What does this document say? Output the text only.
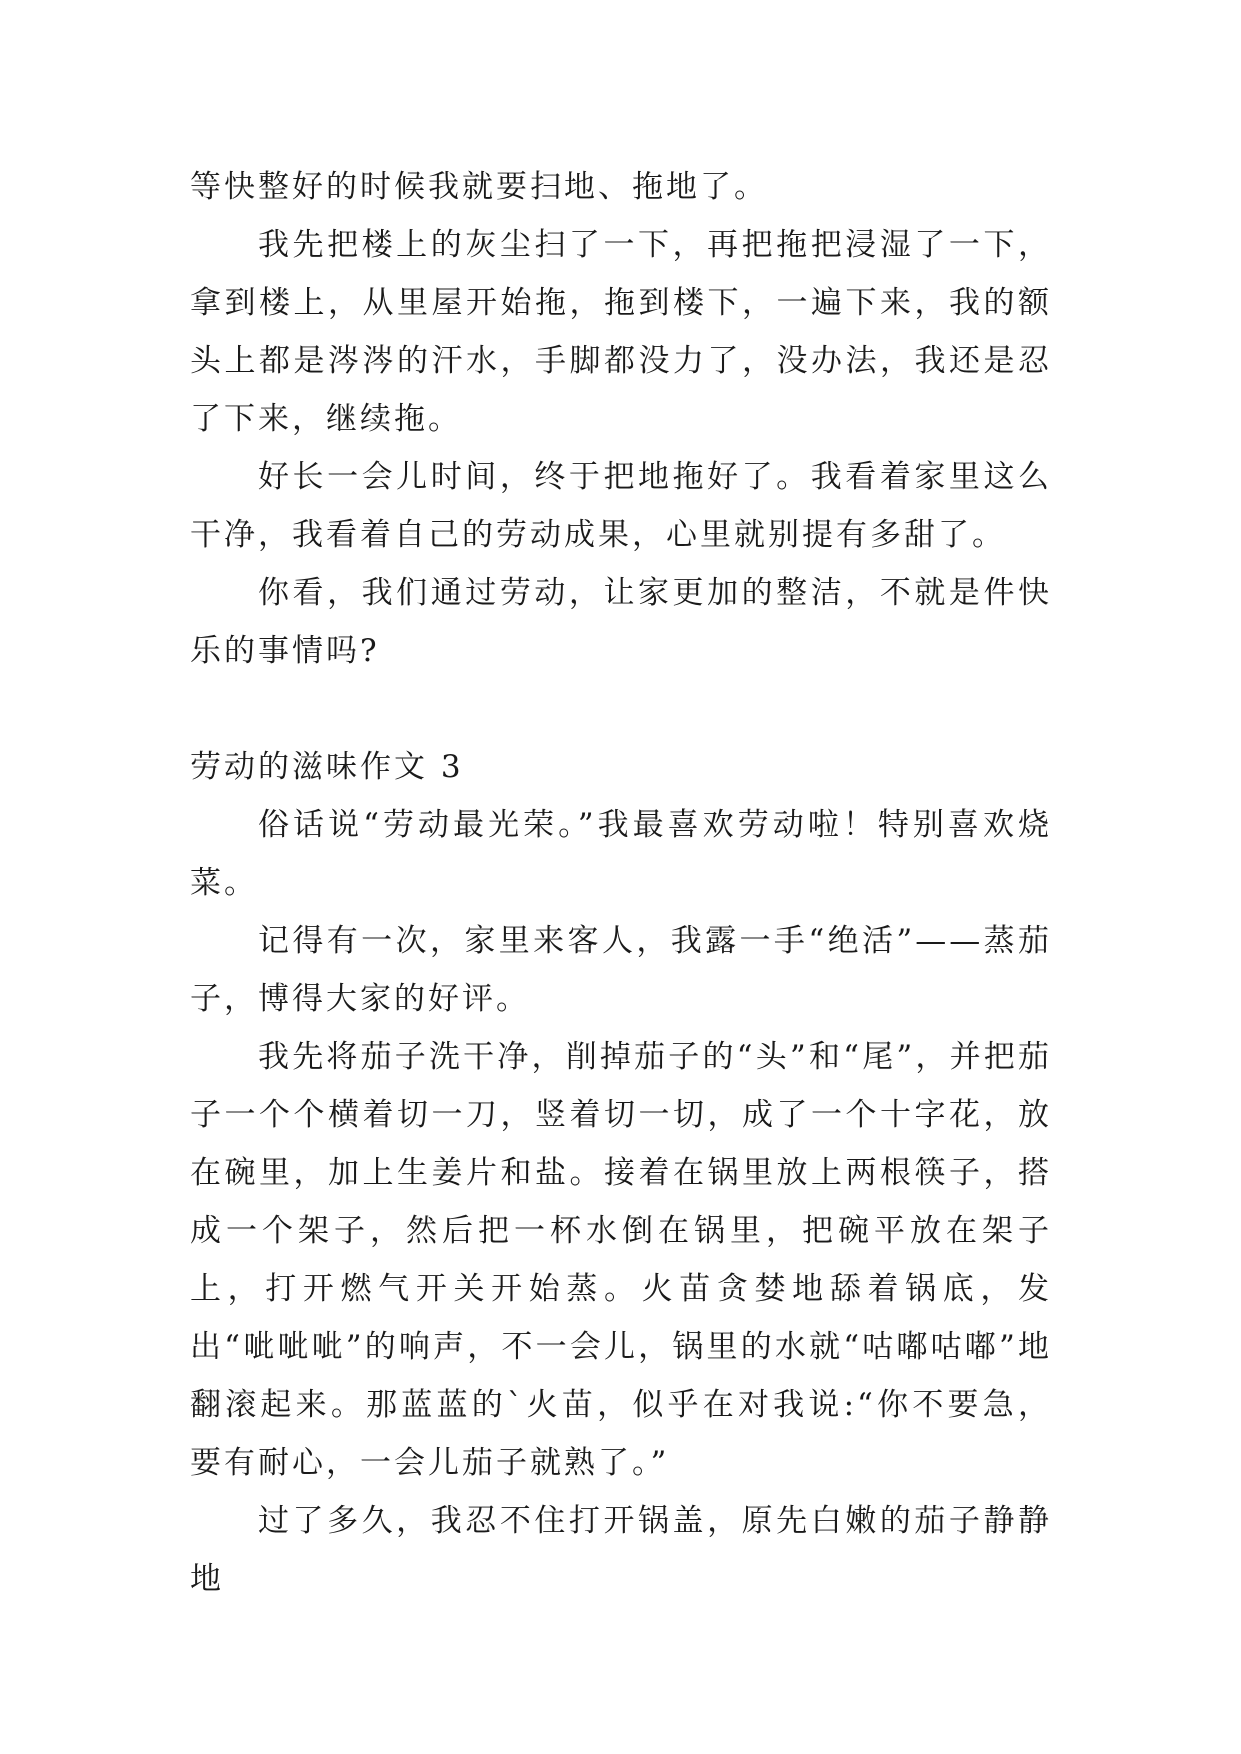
等快整好的时候我就要扫地、拖地了。

我先把楼上的灰尘扫了一下，再把拖把浸湿了一下，拿到楼上，从里屋开始拖，拖到楼下，一遍下来，我的额头上都是涔涔的汗水，手脚都没力了，没办法，我还是忍了下来，继续拖。

好长一会儿时间，终于把地拖好了。我看着家里这么干净，我看着自己的劳动成果，心里就别提有多甜了。

你看，我们通过劳动，让家更加的整洁，不就是件快乐的事情吗?

劳动的滋味作文 3

俗话说“劳动最光荣。”我最喜欢劳动啦！特别喜欢烧菜。

记得有一次，家里来客人，我露一手“绝活”——蒸茄子，博得大家的好评。

我先将茄子洗干净，削掉茄子的“头”和“尾”，并把茄子一个个横着切一刀，竖着切一切，成了一个十字花，放在碗里，加上生姜片和盐。接着在锅里放上两根筷子，搭成一个架子，然后把一杯水倒在锅里，把碗平放在架子上，打开燃气开关开始蒸。火苗贪婪地舔着锅底，发出“呲呲呲”的响声，不一会儿，锅里的水就“咕嘟咕嘟”地翻滚起来。那蓝蓝的`火苗，似乎在对我说:“你不要急，要有耐心，一会儿茄子就熟了。”

过了多久，我忍不住打开锅盖，原先白嫩的茄子静静地
